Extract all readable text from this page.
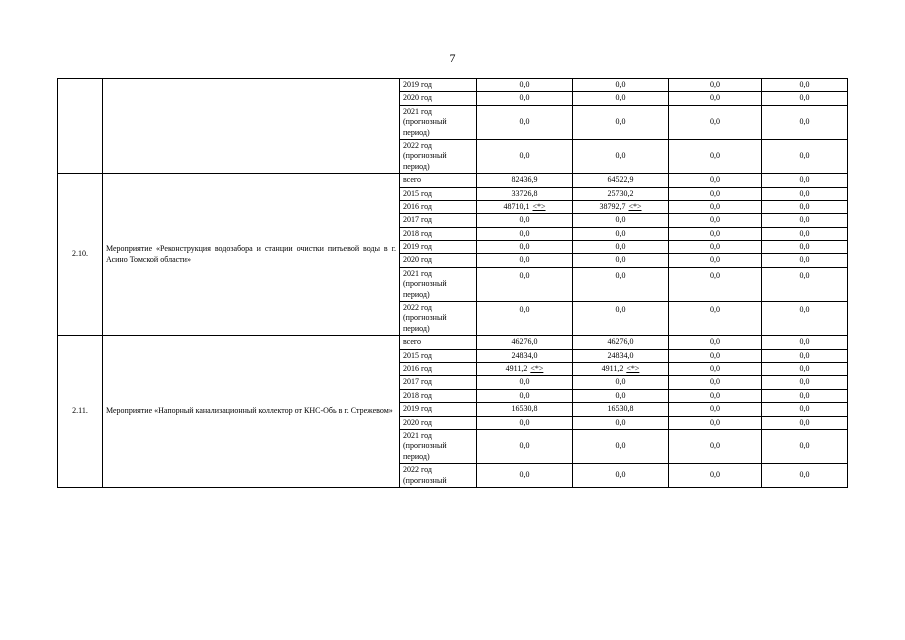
7
		2019 год	0,0	0,0	0,0	0,0
		2020 год	0,0	0,0	0,0	0,0
		2021 год (прогнозный период)	0,0	0,0	0,0	0,0
		2022 год (прогнозный период)	0,0	0,0	0,0	0,0
2.10.	Мероприятие «Реконструкция водозабора и станции очистки питьевой воды в г. Асино Томской области»	всего	82436,9	64522,9	0,0	0,0
		2015 год	33726,8	25730,2	0,0	0,0
		2016 год	48710,1 <*>	38792,7 <*>	0,0	0,0
		2017 год	0,0	0,0	0,0	0,0
		2018 год	0,0	0,0	0,0	0,0
		2019 год	0,0	0,0	0,0	0,0
		2020 год	0,0	0,0	0,0	0,0
		2021 год (прогнозный период)	0,0	0,0	0,0	0,0
		2022 год (прогнозный период)	0,0	0,0	0,0	0,0
2.11.	Мероприятие «Напорный канализационный коллектор от КНС-Обь в г. Стрежевом»	всего	46276,0	46276,0	0,0	0,0
		2015 год	24834,0	24834,0	0,0	0,0
		2016 год	4911,2 <*>	4911,2 <*>	0,0	0,0
		2017 год	0,0	0,0	0,0	0,0
		2018 год	0,0	0,0	0,0	0,0
		2019 год	16530,8	16530,8	0,0	0,0
		2020 год	0,0	0,0	0,0	0,0
		2021 год (прогнозный период)	0,0	0,0	0,0	0,0
		2022 год (прогнозный	0,0	0,0	0,0	0,0
